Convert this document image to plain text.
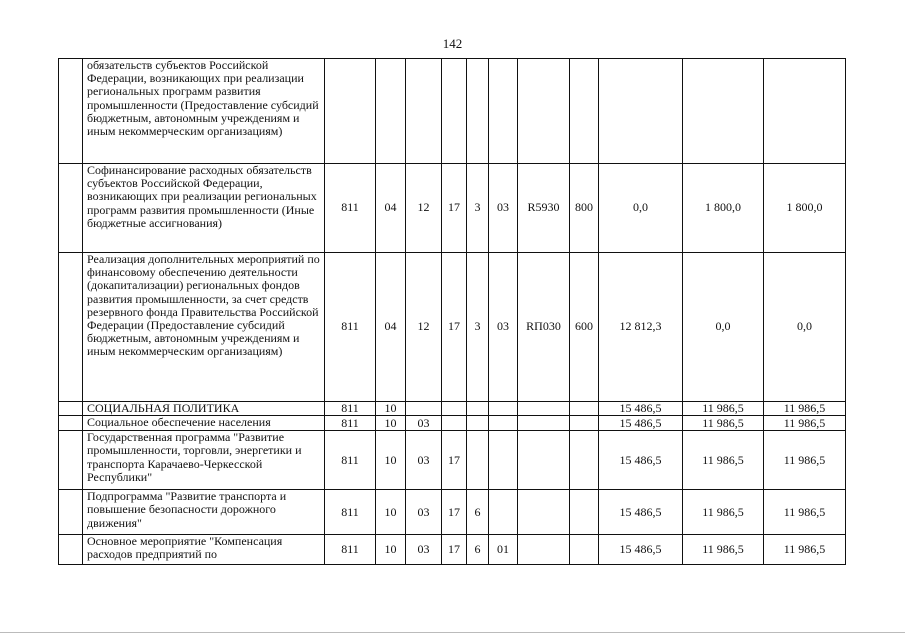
142
	обязательств субъектов Российской Федерации, возникающих при реализации региональных программ развития промышленности (Предоставление субсидий бюджетным, автономным учреждениям и иным некоммерческим организациям)											
	Софинансирование расходных обязательств субъектов Российской Федерации, возникающих при реализации региональных программ развития промышленности (Иные бюджетные ассигнования)	811	04	12	17	3	03	R5930	800	0,0	1 800,0	1 800,0
	Реализация дополнительных мероприятий по финансовому обеспечению деятельности (докапитализации) региональных фондов развития промышленности, за счет средств резервного фонда Правительства Российской Федерации (Предоставление субсидий бюджетным, автономным учреждениям и иным некоммерческим организациям)	811	04	12	17	3	03	RП030	600	12 812,3	0,0	0,0
	СОЦИАЛЬНАЯ ПОЛИТИКА	811	10							15 486,5	11 986,5	11 986,5
	Социальное обеспечение населения	811	10	03						15 486,5	11 986,5	11 986,5
	Государственная программа "Развитие промышленности, торговли, энергетики и транспорта Карачаево-Черкесской Республики"	811	10	03	17					15 486,5	11 986,5	11 986,5
	Подпрограмма "Развитие транспорта и повышение безопасности дорожного движения"	811	10	03	17	6				15 486,5	11 986,5	11 986,5
	Основное мероприятие "Компенсация расходов предприятий по	811	10	03	17	6	01			15 486,5	11 986,5	11 986,5
